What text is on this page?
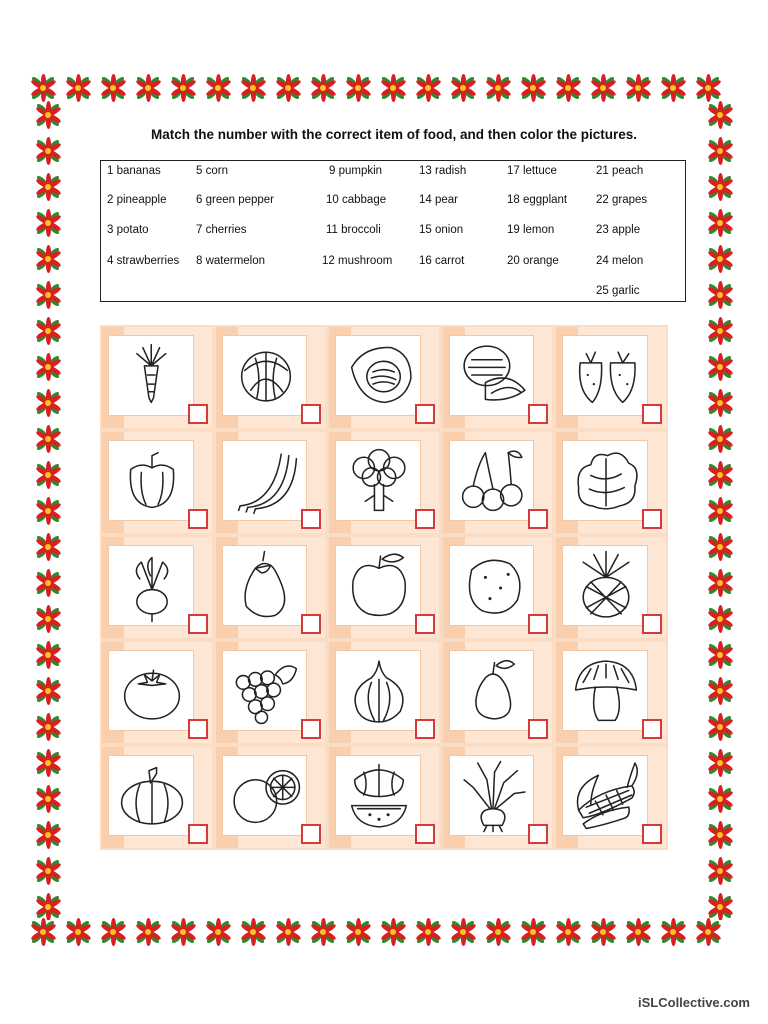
Match the number with the correct item of food, and then color the pictures.
1 bananas
2 pineapple
3 potato
4 strawberries
5 corn
6 green pepper
7 cherries
8 watermelon
9 pumpkin
10 cabbage
11 broccoli
12 mushroom
13 radish
14 pear
15 onion
16 carrot
17 lettuce
18 eggplant
19 lemon
20 orange
21 peach
22 grapes
23 apple
24 melon
25 garlic
iSLCollective.com
